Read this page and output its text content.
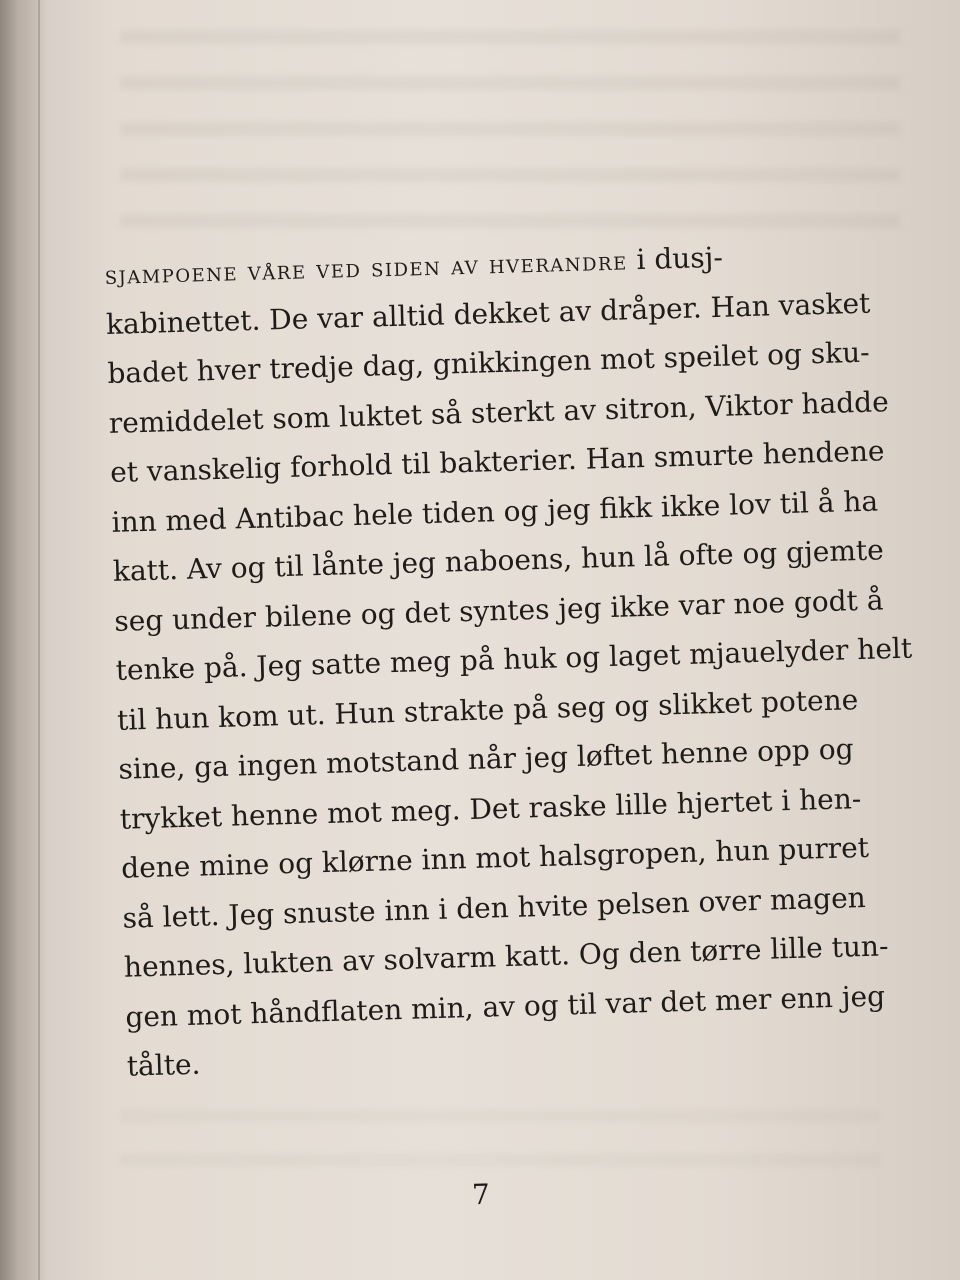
sjampoene våre ved siden av hverandre i dusj-
kabinettet. De var alltid dekket av dråper. Han vasket
badet hver tredje dag, gnikkingen mot speilet og sku-
remiddelet som luktet så sterkt av sitron, Viktor hadde
et vanskelig forhold til bakterier. Han smurte hendene
inn med Antibac hele tiden og jeg fikk ikke lov til å ha
katt. Av og til lånte jeg naboens, hun lå ofte og gjemte
seg under bilene og det syntes jeg ikke var noe godt å
tenke på. Jeg satte meg på huk og laget mjauelyder helt
til hun kom ut. Hun strakte på seg og slikket potene
sine, ga ingen motstand når jeg løftet henne opp og
trykket henne mot meg. Det raske lille hjertet i hen-
dene mine og klørne inn mot halsgropen, hun purret
så lett. Jeg snuste inn i den hvite pelsen over magen
hennes, lukten av solvarm katt. Og den tørre lille tun-
gen mot håndflaten min, av og til var det mer enn jeg
tålte.
7
